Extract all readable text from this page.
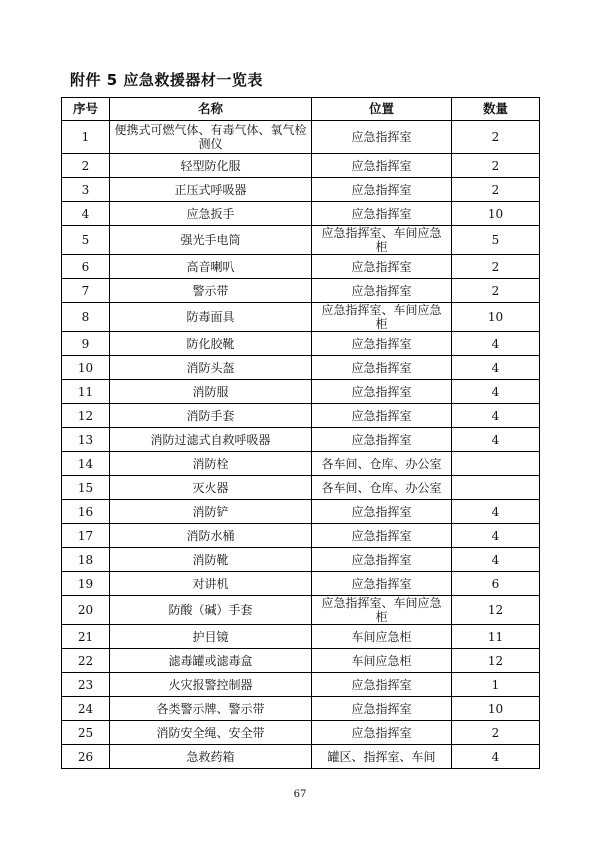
附件 5 应急救援器材一览表
序号	名称	位置	数量
1	便携式可燃气体、有毒气体、氧气检测仪	应急指挥室	2
2	轻型防化服	应急指挥室	2
3	正压式呼吸器	应急指挥室	2
4	应急扳手	应急指挥室	10
5	强光手电筒	应急指挥室、车间应急柜	5
6	高音喇叭	应急指挥室	2
7	警示带	应急指挥室	2
8	防毒面具	应急指挥室、车间应急柜	10
9	防化胶靴	应急指挥室	4
10	消防头盔	应急指挥室	4
11	消防服	应急指挥室	4
12	消防手套	应急指挥室	4
13	消防过滤式自救呼吸器	应急指挥室	4
14	消防栓	各车间、仓库、办公室	
15	灭火器	各车间、仓库、办公室	
16	消防铲	应急指挥室	4
17	消防水桶	应急指挥室	4
18	消防靴	应急指挥室	4
19	对讲机	应急指挥室	6
20	防酸（碱）手套	应急指挥室、车间应急柜	12
21	护目镜	车间应急柜	11
22	滤毒罐或滤毒盒	车间应急柜	12
23	火灾报警控制器	应急指挥室	1
24	各类警示牌、警示带	应急指挥室	10
25	消防安全绳、安全带	应急指挥室	2
26	急救药箱	罐区、指挥室、车间	4
67
